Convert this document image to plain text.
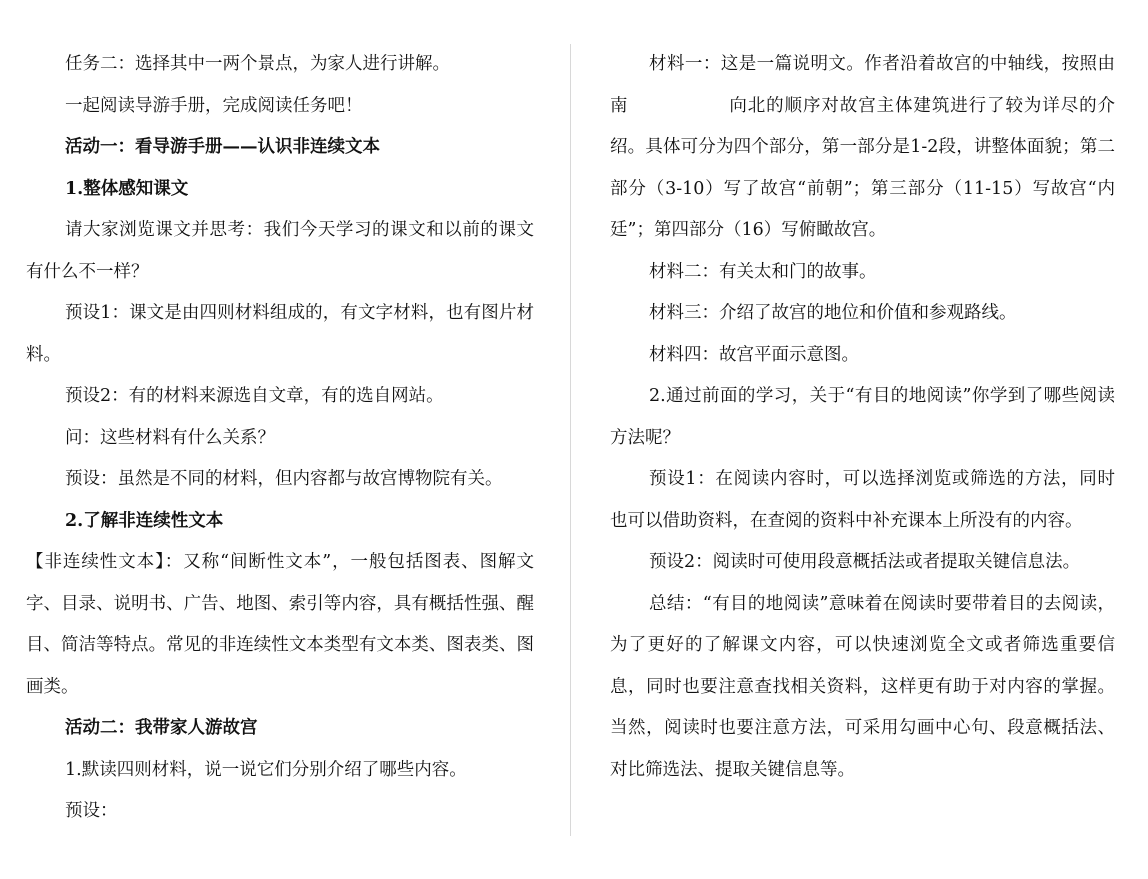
任务二：选择其中一两个景点，为家人进行讲解。

一起阅读导游手册，完成阅读任务吧！

活动一：看导游手册——认识非连续文本

1.整体感知课文

请大家浏览课文并思考：我们今天学习的课文和以前的课文有什么不一样？

预设1：课文是由四则材料组成的，有文字材料，也有图片材料。

预设2：有的材料来源选自文章，有的选自网站。

问：这些材料有什么关系？

预设：虽然是不同的材料，但内容都与故宫博物院有关。

2.了解非连续性文本

【非连续性文本】：又称“间断性文本”，一般包括图表、图解文字、目录、说明书、广告、地图、索引等内容，具有概括性强、醒目、简洁等特点。常见的非连续性文本类型有文本类、图表类、图画类。

活动二：我带家人游故宫

1.默读四则材料，说一说它们分别介绍了哪些内容。

预设：

材料一：这是一篇说明文。作者沿着故宫的中轴线，按照由南	向北的顺序对故宫主体建筑进行了较为详尽的介绍。具体可分为四个部分，第一部分是1-2段，讲整体面貌；第二部分（3-10）写了故宫“前朝”；第三部分（11-15）写故宫“内廷”；第四部分（16）写俯瞰故宫。

材料二：有关太和门的故事。

材料三：介绍了故宫的地位和价值和参观路线。

材料四：故宫平面示意图。

2.通过前面的学习，关于“有目的地阅读”你学到了哪些阅读方法呢？

预设1：在阅读内容时，可以选择浏览或筛选的方法，同时也可以借助资料，在查阅的资料中补充课本上所没有的内容。

预设2：阅读时可使用段意概括法或者提取关键信息法。

总结：“有目的地阅读”意味着在阅读时要带着目的去阅读，为了更好的了解课文内容，可以快速浏览全文或者筛选重要信息，同时也要注意查找相关资料，这样更有助于对内容的掌握。当然，阅读时也要注意方法，可采用勾画中心句、段意概括法、对比筛选法、提取关键信息等。
